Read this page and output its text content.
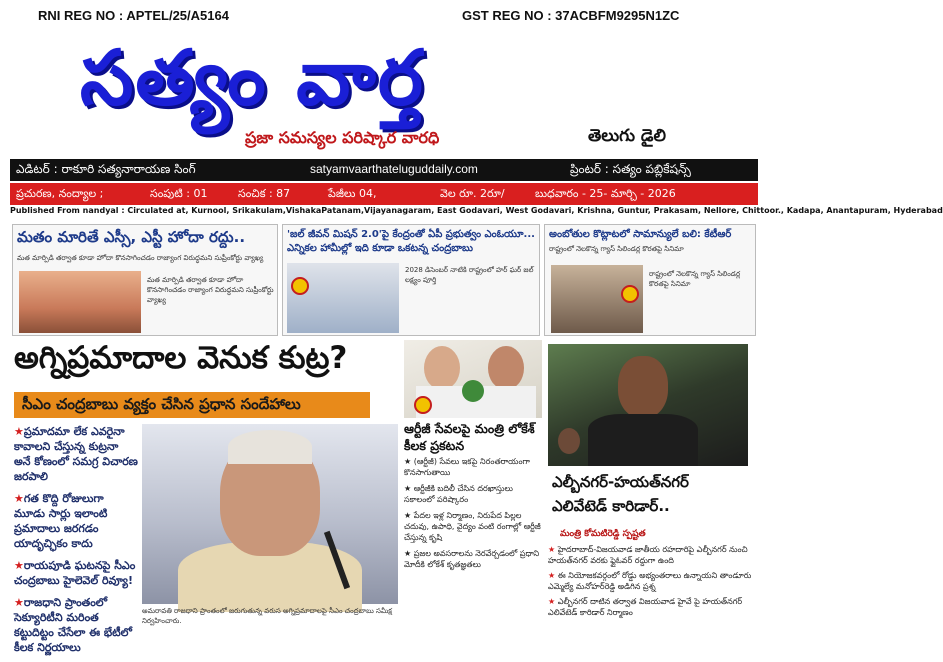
RNI REG NO : APTEL/25/A5164	GST REG NO : 37ACBFM9295N1ZC
సత్యం వార్త
ప్రజా సమస్యల పరిష్కార వారధి	తెలుగు డైలి
ఎడిటర్ : రాకూరి సత్యనారాయణ సింగ్	satyamvaarthateluguddaily.com	ప్రింటర్ : సత్యం పబ్లికేషన్స్
ప్రచురణ, నంద్యాల ;	సంపుటి : 01	సంచిక : 87	పేజీలు 04,	వెల రూ. 2రూ/	బుధవారం - 25- మార్చి - 2026
Published From nandyal : Circulated at, Kurnool, Srikakulam,VishakaPatanam,Vijayanagaram, East Godavari, West Godavari, Krishna, Guntur, Prakasam, Nellore, Chittoor., Kadapa, Anantapuram, Hyderabad
మతం మారితే ఎస్సీ, ఎస్టీ హోదా రద్దు..
మత మార్పిడి తర్వాత కూడా హోదా కొనసాగించడం రాజ్యాంగ విరుద్ధమని సుప్రీంకోర్టు వ్యాఖ్య
మత మార్పిడి తర్వాత కూడా హోదా కొనసాగించడం రాజ్యాంగ విరుద్ధమని సుప్రీంకోర్టు వ్యాఖ్య
'జల్ జీవన్ మిషన్ 2.0'పై కేంద్రంతో ఏపీ ప్రభుత్వం ఎంఓయూ... ఎన్నికల హామీల్లో ఇది కూడా ఒకటన్న చంద్రబాబు
2028 డిసెంబర్ నాటికి రాష్ట్రంలో హర్ ఘర్ జల్ లక్ష్యం పూర్తి
అంబోతుల కొట్లాటలో సామాన్యులే బలి: కేటీఆర్
రాష్ట్రంలో నెలకొన్న గ్యాస్ సిలిండర్ల కొరతపై సినిమా
రాష్ట్రంలో నెలకొన్న గ్యాస్ సిలిండర్ల కొరతపై సినిమా
అగ్నిప్రమాదాల వెనుక కుట్ర?
సీఎం చంద్రబాబు వ్యక్తం చేసిన ప్రధాన సందేహాలు
★ప్రమాదమా లేక ఎవరైనా కావాలని చేస్తున్న కుట్రనా అనే కోణంలో సమగ్ర విచారణ జరపాలి
★గత కొద్ది రోజులుగా మూడు సార్లు ఇలాంటి ప్రమాదాలు జరగడం యాదృచ్ఛికం కాదు
★రాయపూడి ఘటనపై సీఎం చంద్రబాబు హైలెవెల్ రివ్యూ!
★రాజధాని ప్రాంతంలో సెక్యూరిటీని మరింత కట్టుదిట్టం చేసేలా ఈ భేటీలో కీలక నిర్ణయాలు
అమరావతి రాజధాని ప్రాంతంలో జరుగుతున్న వరుస అగ్నిప్రమాదాలపై సీఎం చంద్రబాబు సమీక్ష నిర్వహించారు.
ఆర్టీజీ సేవలపై మంత్రి లోకేశ్ కీలక ప్రకటన
★ (ఆర్టీజీ) సేవలు ఇకపై నిరంతరాయంగా కొనసాగుతాయి
★ ఆర్టీజీకి బదిలీ చేసిన దరఖాస్తులు సకాలంలో పరిష్కారం
★ పేదల ఇళ్ల నిర్మాణం, నిరుపేద పిల్లల చదువు, ఉపాధి, వైద్యం వంటి రంగాల్లో ఆర్టీజీ చేస్తున్న కృషి
★ ప్రజల అవసరాలను నెరవేర్చడంలో ప్రధాని మోదీకి లోకేశ్ కృతజ్ఞతలు
ఎల్బీనగర్-హయత్‌నగర్
ఎలివేటెడ్ కారిడార్..
మంత్రి కోమటిరెడ్డి స్పష్టత
★ హైదరాబాద్-విజయవాడ జాతీయ రహదారిపై ఎల్బీనగర్ నుంచి హయత్‌నగర్ వరకు ఫ్లైఓవర్ రద్దుగా ఉంది
★ ఈ నియోజకవర్గంలో రోడ్డు అభ్యంతరాలు ఉన్నాయని తాండూరు ఎమ్మెల్యే మనోహర్‌రెడ్డి అడిగిన ప్రశ్న
★ ఎల్బీనగర్ దాటిన తర్వాత విజయవాడ హైవే పై హయత్‌నగర్ ఎలివేటెడ్ కారిడార్ నిర్మాణం
